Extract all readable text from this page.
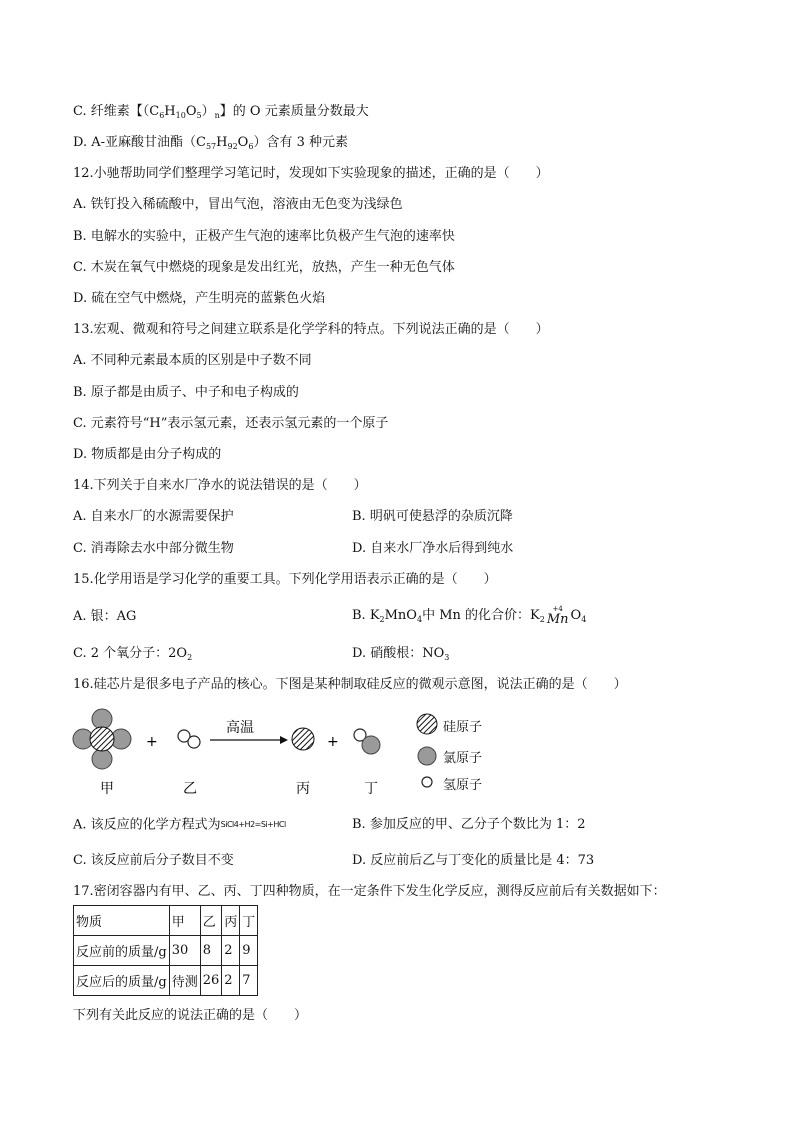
C. 纤维素【$(C_6H_{10}O_5)_n$】的 O 元素质量分数最大
D. A-亚麻酸甘油酯$(C_{57}H_{92}O_6)$含有 3 种元素
12.小驰帮助同学们整理学习笔记时，发现如下实验现象的描述，正确的是（　　）
A. 铁钉投入稀硫酸中，冒出气泡，溶液由无色变为浅绿色
B. 电解水的实验中，正极产生气泡的速率比负极产生气泡的速率快
C. 木炭在氧气中燃烧的现象是发出红光，放热，产生一种无色气体
D. 硫在空气中燃烧，产生明亮的蓝紫色火焰
13.宏观、微观和符号之间建立联系是化学学科的特点。下列说法正确的是（　　）
A. 不同种元素最本质的区别是中子数不同
B. 原子都是由质子、中子和电子构成的
C. 元素符号“H”表示氢元素，还表示氢元素的一个原子
D. 物质都是由分子构成的
14.下列关于自来水厂净水的说法错误的是（　　）
A. 自来水厂的水源需要保护	B. 明矾可使悬浮的杂质沉降
C. 消毒除去水中部分微生物	D. 自来水厂净水后得到纯水
15.化学用语是学习化学的重要工具。下列化学用语表示正确的是（　　）
A. 银：AG	B. $K_2MnO_4$中 Mn 的化合价：$K_2$
+4
Mn $O_4$
C. 2 个氧分子：$2O_2$	D. 硝酸根：$NO_3$
16.硅芯片是很多电子产品的核心。下图是某种制取硅反应的微观示意图，说法正确的是（　　）
甲
+
乙
高温
丙
+
丁
硅原子
氯原子
氢原子
A. 该反应的化学方程式为SiCl4+H2=Si+HCl	B. 参加反应的甲、乙分子个数比为 1：2
C. 该反应前后分子数目不变	D. 反应前后乙与丁变化的质量比是 4：73
17.密闭容器内有甲、乙、丙、丁四种物质，在一定条件下发生化学反应，测得反应前后有关数据如下：
物质	甲	乙	丙	丁
反应前的质量/g	30	8	2	9
反应后的质量/g	待测	26	2	7
下列有关此反应的说法正确的是（　　）
